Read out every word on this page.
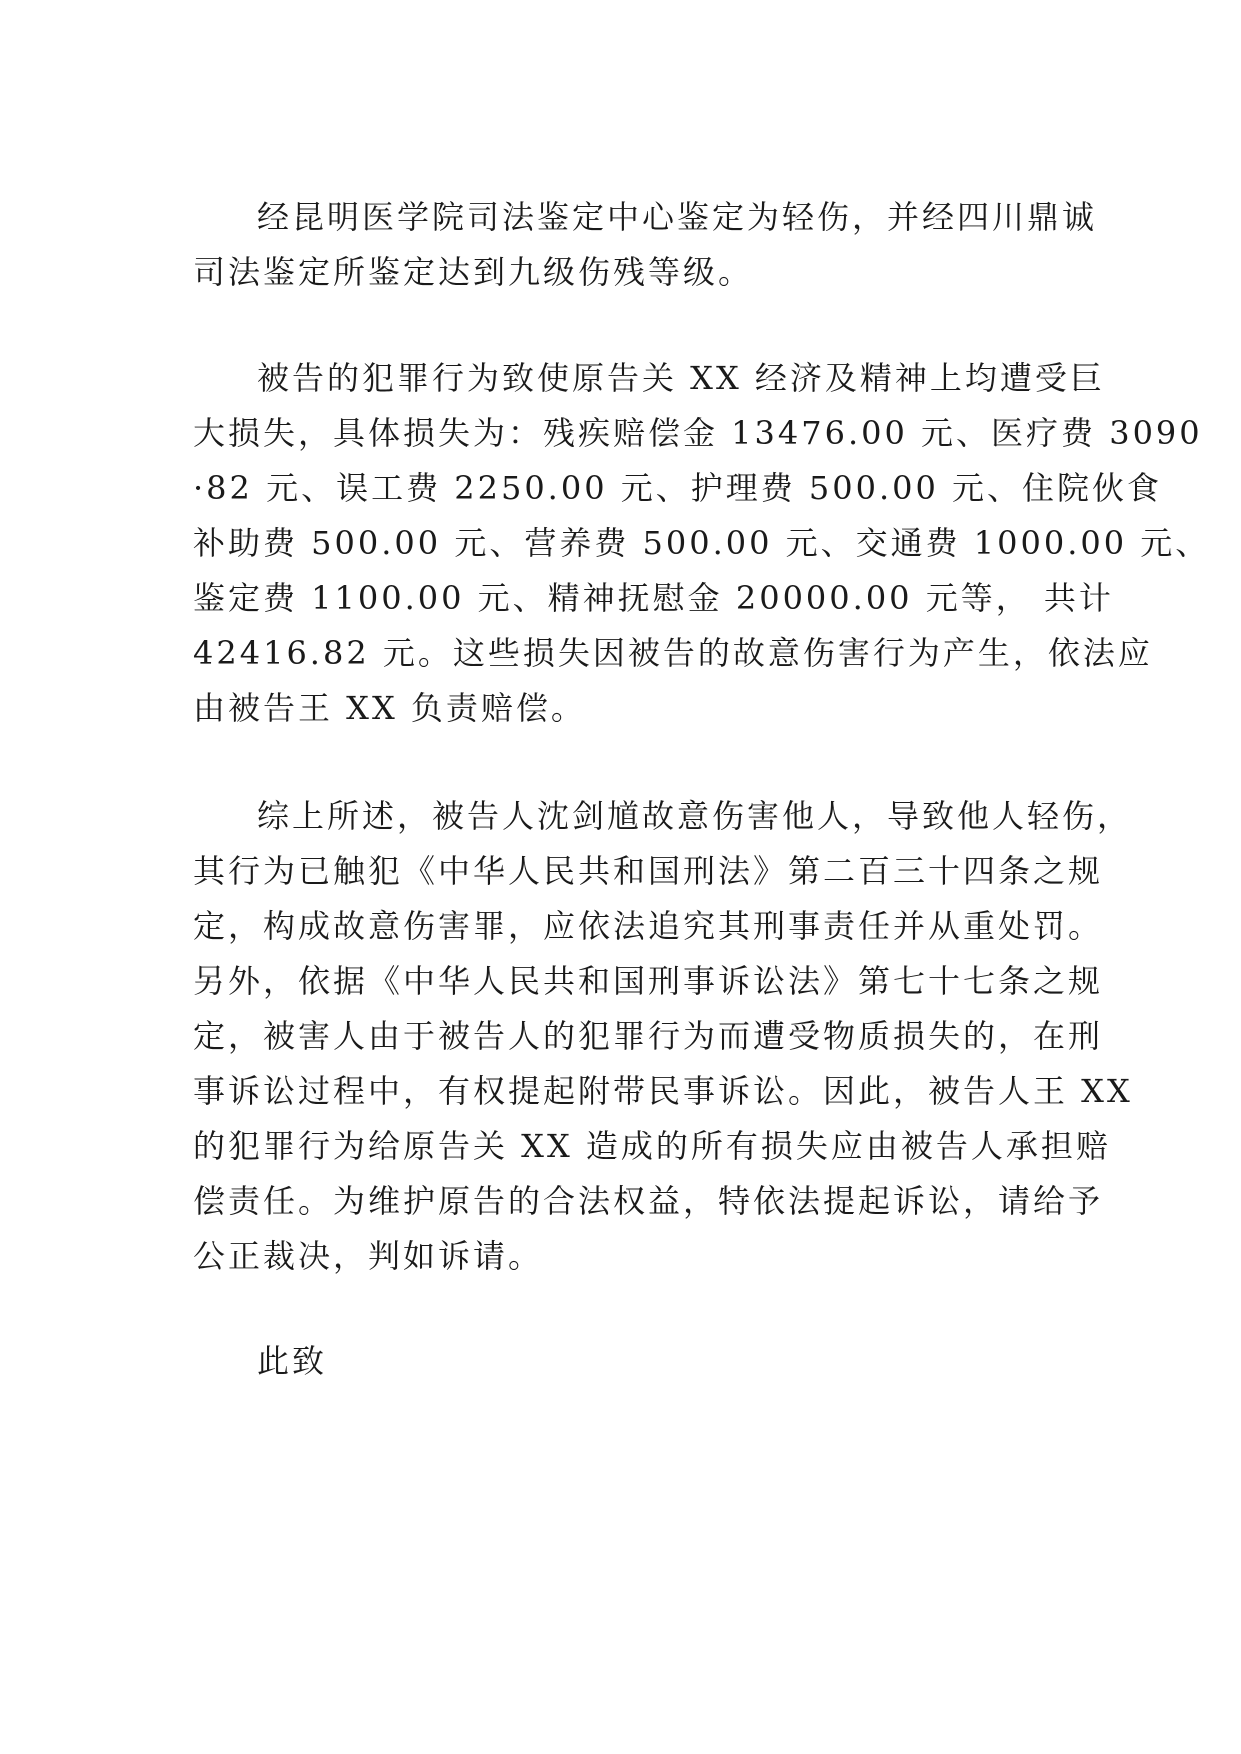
经昆明医学院司法鉴定中心鉴定为轻伤，并经四川鼎诚
司法鉴定所鉴定达到九级伤残等级。
被告的犯罪行为致使原告关 XX 经济及精神上均遭受巨
大损失，具体损失为：残疾赔偿金 13476.00 元、医疗费 3090
·82 元、误工费 2250.00 元、护理费 500.00 元、住院伙食
补助费 500.00 元、营养费 500.00 元、交通费 1000.00 元、
鉴定费 1100.00 元、精神抚慰金 20000.00 元等， 共计
42416.82 元。这些损失因被告的故意伤害行为产生，依法应
由被告王 XX 负责赔偿。
综上所述，被告人沈剑馗故意伤害他人，导致他人轻伤，
其行为已触犯《中华人民共和国刑法》第二百三十四条之规
定，构成故意伤害罪，应依法追究其刑事责任并从重处罚。
另外，依据《中华人民共和国刑事诉讼法》第七十七条之规
定，被害人由于被告人的犯罪行为而遭受物质损失的，在刑
事诉讼过程中，有权提起附带民事诉讼。因此，被告人王 XX
的犯罪行为给原告关 XX 造成的所有损失应由被告人承担赔
偿责任。为维护原告的合法权益，特依法提起诉讼，请给予
公正裁决，判如诉请。
此致
